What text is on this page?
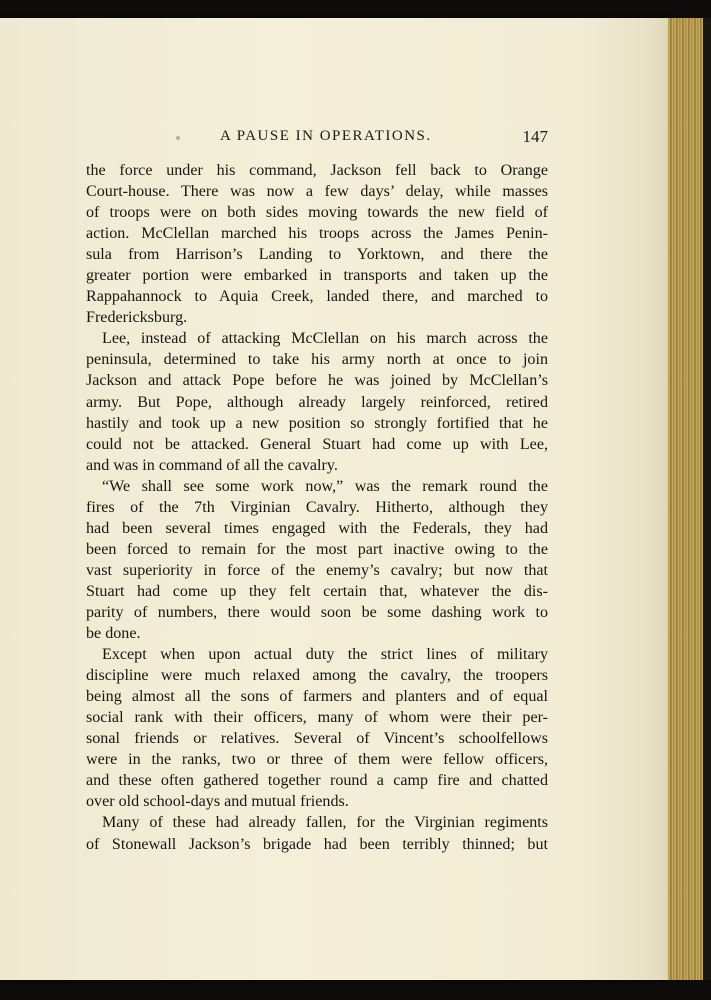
A PAUSE IN OPERATIONS.	147
the force under his command, Jackson fell back to Orange
Court-house. There was now a few days’ delay, while masses
of troops were on both sides moving towards the new field of
action. McClellan marched his troops across the James Penin-
sula from Harrison’s Landing to Yorktown, and there the
greater portion were embarked in transports and taken up the
Rappahannock to Aquia Creek, landed there, and marched to
Fredericksburg.
Lee, instead of attacking McClellan on his march across the
peninsula, determined to take his army north at once to join
Jackson and attack Pope before he was joined by McClellan’s
army. But Pope, although already largely reinforced, retired
hastily and took up a new position so strongly fortified that he
could not be attacked. General Stuart had come up with Lee,
and was in command of all the cavalry.
“We shall see some work now,” was the remark round the
fires of the 7th Virginian Cavalry. Hitherto, although they
had been several times engaged with the Federals, they had
been forced to remain for the most part inactive owing to the
vast superiority in force of the enemy’s cavalry; but now that
Stuart had come up they felt certain that, whatever the dis-
parity of numbers, there would soon be some dashing work to
be done.
Except when upon actual duty the strict lines of military
discipline were much relaxed among the cavalry, the troopers
being almost all the sons of farmers and planters and of equal
social rank with their officers, many of whom were their per-
sonal friends or relatives. Several of Vincent’s schoolfellows
were in the ranks, two or three of them were fellow officers,
and these often gathered together round a camp fire and chatted
over old school-days and mutual friends.
Many of these had already fallen, for the Virginian regiments
of Stonewall Jackson’s brigade had been terribly thinned; but
